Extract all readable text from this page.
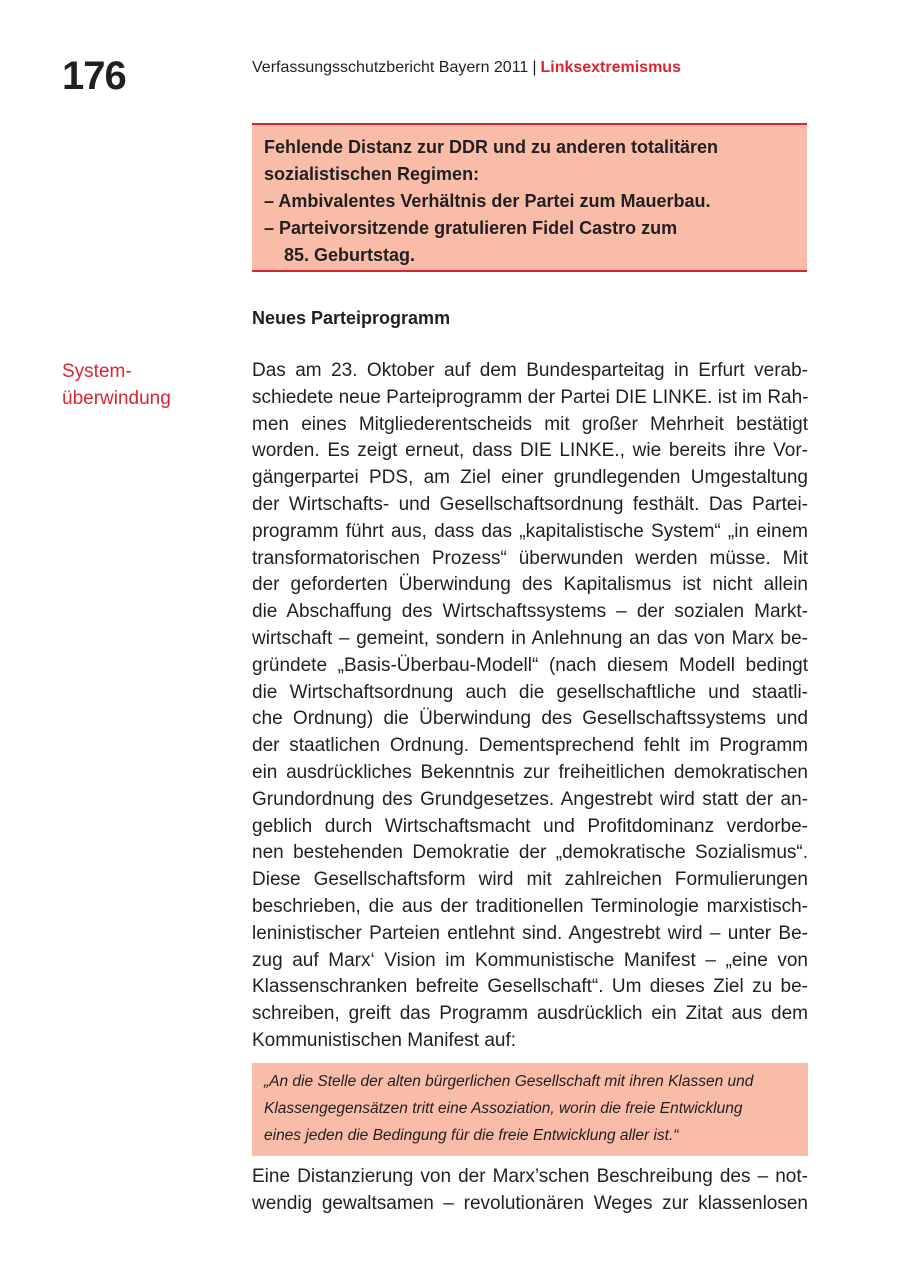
176	Verfassungsschutzbericht Bayern 2011 | Linksextremismus
Fehlende Distanz zur DDR und zu anderen totalitären
sozialistischen Regimen:
– Ambivalentes Verhältnis der Partei zum Mauerbau.
– Parteivorsitzende gratulieren Fidel Castro zum
85. Geburtstag.
Neues Parteiprogramm
System-
überwindung
Das am 23. Oktober auf dem Bundesparteitag in Erfurt verab-
schiedete neue Parteiprogramm der Partei DIE LINKE. ist im Rah-
men eines Mitgliederentscheids mit großer Mehrheit bestätigt
worden. Es zeigt erneut, dass DIE LINKE., wie bereits ihre Vor-
gängerpartei PDS, am Ziel einer grundlegenden Umgestaltung
der Wirtschafts- und Gesellschaftsordnung festhält. Das Partei-
programm führt aus, dass das „kapitalistische System“ „in einem
transformatorischen Prozess“ überwunden werden müsse. Mit
der geforderten Überwindung des Kapitalismus ist nicht allein
die Abschaffung des Wirtschaftssystems – der sozialen Markt-
wirtschaft – gemeint, sondern in Anlehnung an das von Marx be-
gründete „Basis-Überbau-Modell“ (nach diesem Modell bedingt
die Wirtschaftsordnung auch die gesellschaftliche und staatli-
che Ordnung) die Überwindung des Gesellschaftssystems und
der staatlichen Ordnung. Dementsprechend fehlt im Programm
ein ausdrückliches Bekenntnis zur freiheitlichen demokratischen
Grundordnung des Grundgesetzes. Angestrebt wird statt der an-
geblich durch Wirtschaftsmacht und Profitdominanz verdorbe-
nen bestehenden Demokratie der „demokratische Sozialismus“.
Diese Gesellschaftsform wird mit zahlreichen Formulierungen
beschrieben, die aus der traditionellen Terminologie marxistisch-
leninistischer Parteien entlehnt sind. Angestrebt wird – unter Be-
zug auf Marx‘ Vision im Kommunistische Manifest – „eine von
Klassenschranken befreite Gesellschaft“. Um dieses Ziel zu be-
schreiben, greift das Programm ausdrücklich ein Zitat aus dem
Kommunistischen Manifest auf:
„An die Stelle der alten bürgerlichen Gesellschaft mit ihren Klassen und
Klassengegensätzen tritt eine Assoziation, worin die freie Entwicklung
eines jeden die Bedingung für die freie Entwicklung aller ist.“
Eine Distanzierung von der Marx’schen Beschreibung des – not-
wendig gewaltsamen – revolutionären Weges zur klassenlosen
